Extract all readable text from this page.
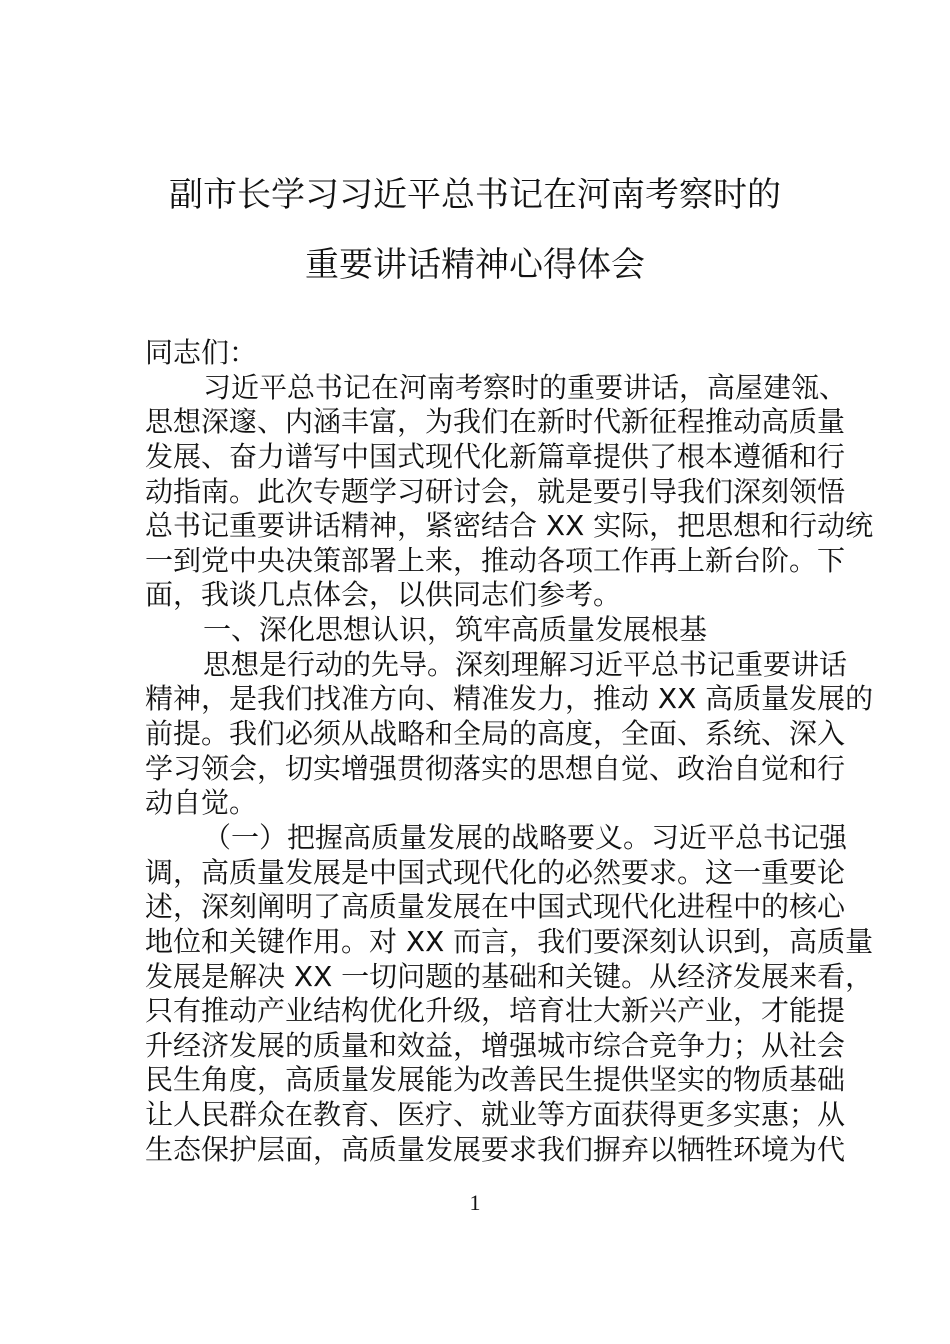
副市长学习习近平总书记在河南考察时的
重要讲话精神心得体会
同志们：
习近平总书记在河南考察时的重要讲话，高屋建瓴、
思想深邃、内涵丰富，为我们在新时代新征程推动高质量
发展、奋力谱写中国式现代化新篇章提供了根本遵循和行
动指南。此次专题学习研讨会，就是要引导我们深刻领悟
总书记重要讲话精神，紧密结合 XX 实际，把思想和行动统
一到党中央决策部署上来，推动各项工作再上新台阶。下
面，我谈几点体会，以供同志们参考。
一、深化思想认识，筑牢高质量发展根基
思想是行动的先导。深刻理解习近平总书记重要讲话
精神，是我们找准方向、精准发力，推动 XX 高质量发展的
前提。我们必须从战略和全局的高度，全面、系统、深入
学习领会，切实增强贯彻落实的思想自觉、政治自觉和行
动自觉。
（一）把握高质量发展的战略要义。习近平总书记强
调，高质量发展是中国式现代化的必然要求。这一重要论
述，深刻阐明了高质量发展在中国式现代化进程中的核心
地位和关键作用。对 XX 而言，我们要深刻认识到，高质量
发展是解决 XX 一切问题的基础和关键。从经济发展来看，
只有推动产业结构优化升级，培育壮大新兴产业，才能提
升经济发展的质量和效益，增强城市综合竞争力；从社会
民生角度，高质量发展能为改善民生提供坚实的物质基础
让人民群众在教育、医疗、就业等方面获得更多实惠；从
生态保护层面，高质量发展要求我们摒弃以牺牲环境为代
1
